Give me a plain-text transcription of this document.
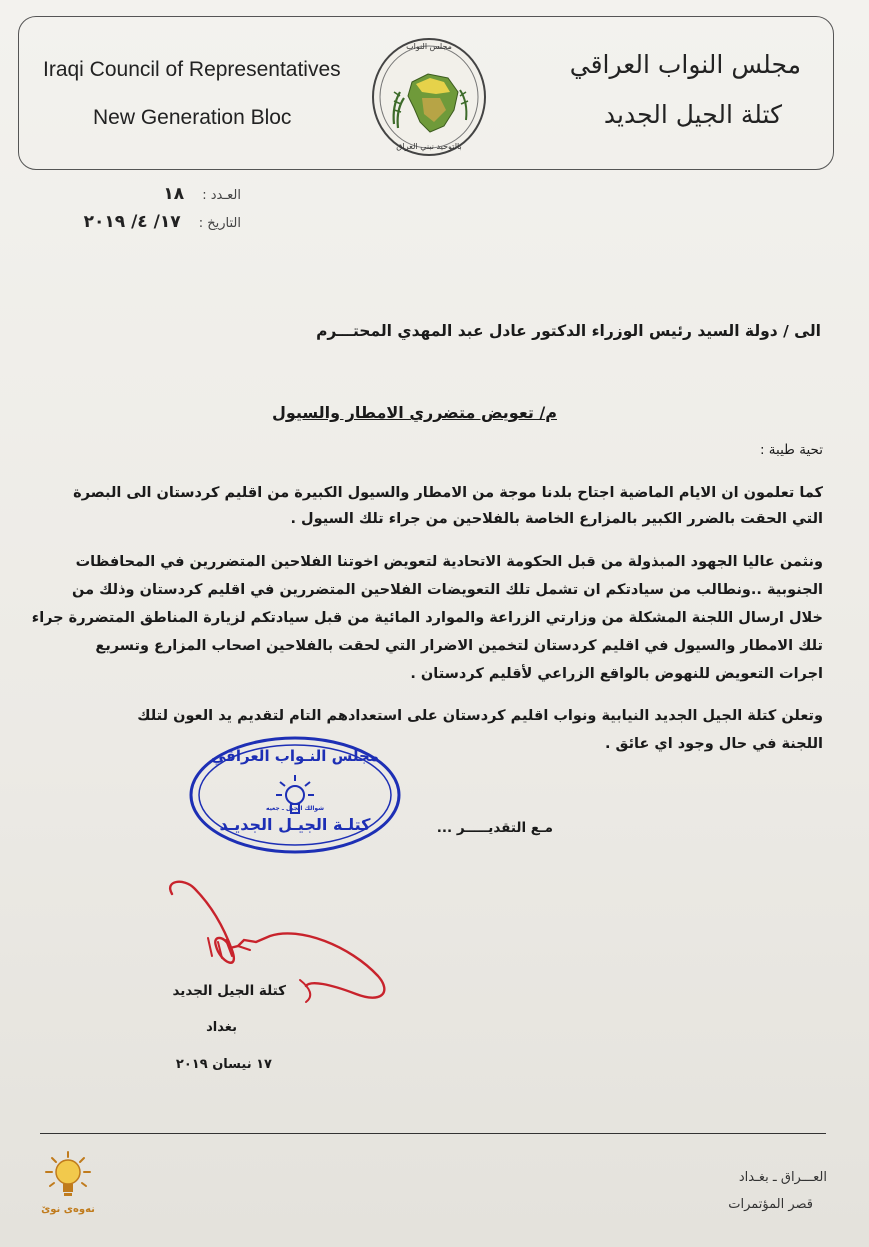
Iraqi Council of Representatives
New Generation Bloc
مجلس النواب العراقي
كتلة الجيل الجديد
مجلس النواب
بالتوحيد نبني العراق
العـدد : ١٨
التاريخ : ١٧/ ٤/ ٢٠١٩
الى / دولة السيد رئيس الوزراء الدكتور عادل عبد المهدي المحتـــرم
م/ تعويض متضرري الامطار والسيول
تحية طيبة :
كما تعلمون ان الايام الماضية اجتاح بلدنا موجة من الامطار والسيول الكبيرة من اقليم كردستان الى البصرة
التي الحقت بالضرر الكبير بالمزارع الخاصة بالفلاحين من جراء تلك السيول .
ونثمن عاليا الجهود المبذولة من قبل الحكومة الاتحادية لتعويض اخوتنا الفلاحين المتضررين في المحافظات
الجنوبية ..ونطالب من سيادتكم ان تشمل تلك التعويضات الفلاحين المتضررين في اقليم كردستان وذلك من
خلال ارسال اللجنة المشكلة من وزارتي الزراعة والموارد المائية من قبل سيادتكم لزيارة المناطق المتضررة جراء
تلك الامطار والسيول في اقليم كردستان لتخمين الاضرار التي لحقت بالفلاحين اصحاب المزارع وتسريع
اجرات التعويض للنهوض بالواقع الزراعي لأقليم كردستان .
وتعلن كتلة الجيل الجديد النيابية ونواب اقليم كردستان على استعدادهم التام لتقديم يد العون لتلك
اللجنة في حال وجود اي عائق .
مـع التقديـــــر ...
مجلس النـواب العراقي
شوالك الجيل ـ جعيه
كتلـة الجيـل الجديـد
كتلة الجيل الجديد
بغداد
١٧ نيسان ٢٠١٩
نەوەی نوێ
العـــراق ـ بغـداد
قصر المؤتمرات
